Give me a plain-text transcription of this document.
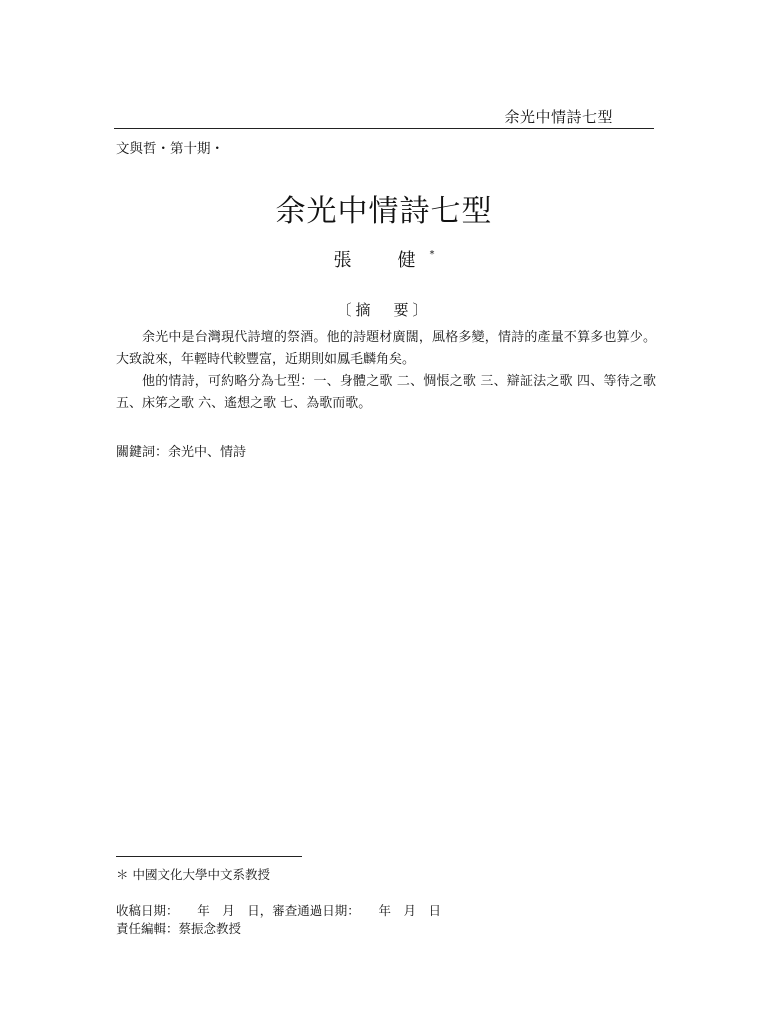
余光中情詩七型
文與哲・第十期・
余光中情詩七型
張　健*
〔摘　要〕

余光中是台灣現代詩壇的祭酒。他的詩題材廣闊，風格多變，情詩的產量不算多也算少。大致說來，年輕時代較豐富，近期則如鳳毛麟角矣。

他的情詩，可約略分為七型：一、身體之歌 二、惆悵之歌 三、辯証法之歌 四、等待之歌 五、床笫之歌 六、遙想之歌 七、為歌而歌。

關鍵詞：余光中、情詩
＊ 中國文化大學中文系教授
收稿日期：　　年　月　日，審查通過日期：　　年　月　日
責任編輯：蔡振念教授
